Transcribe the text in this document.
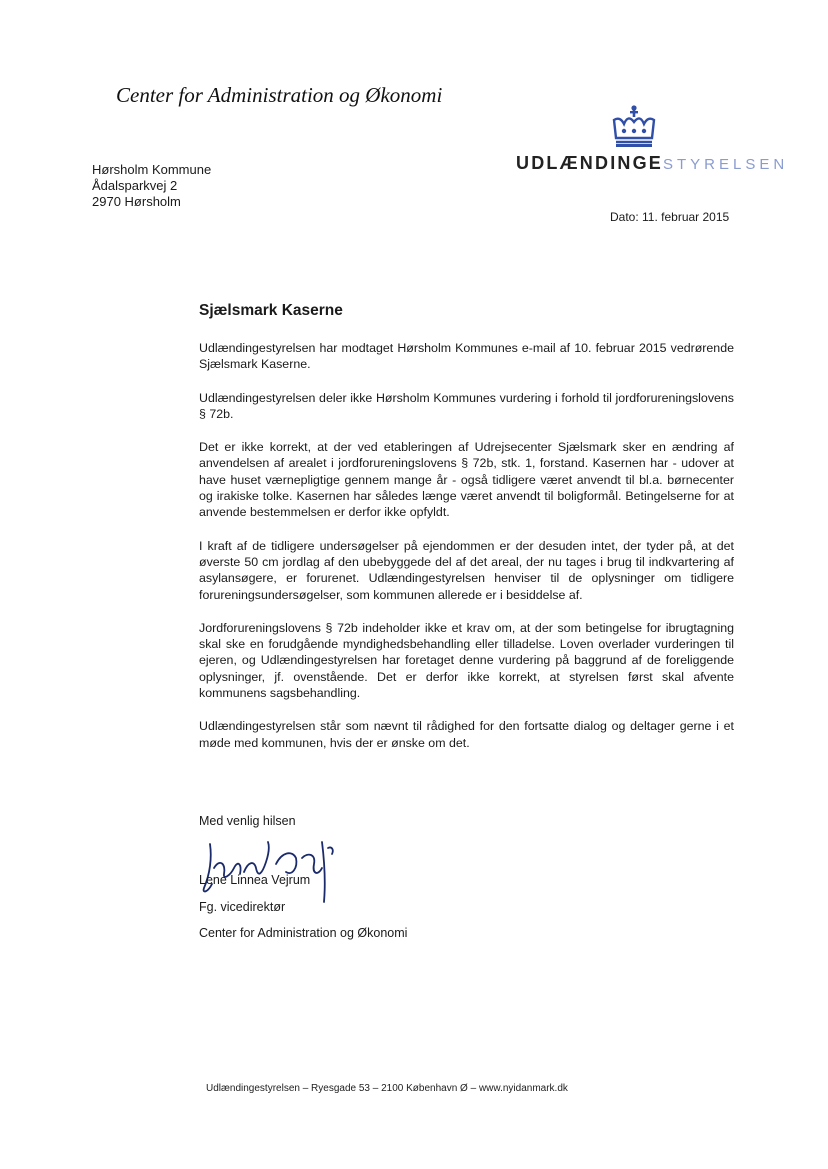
Center for Administration og Økonomi
UDLÆNDINGESTYRELSEN
Hørsholm Kommune
Ådalsparkvej 2
2970 Hørsholm
Dato: 11. februar 2015
Sjælsmark Kaserne

Udlændingestyrelsen har modtaget Hørsholm Kommunes e-mail af 10. februar 2015 vedrørende Sjælsmark Kaserne.

Udlændingestyrelsen deler ikke Hørsholm Kommunes vurdering i forhold til jordforureningslovens § 72b.

Det er ikke korrekt, at der ved etableringen af Udrejsecenter Sjælsmark sker en ændring af anvendelsen af arealet i jordforureningslovens § 72b, stk. 1, forstand. Kasernen har - udover at have huset værnepligtige gennem mange år - også tidligere været anvendt til bl.a. børnecenter og irakiske tolke. Kasernen har således længe været anvendt til boligformål. Betingelserne for at anvende bestemmelsen er derfor ikke opfyldt.

I kraft af de tidligere undersøgelser på ejendommen er der desuden intet, der tyder på, at det øverste 50 cm jordlag af den ubebyggede del af det areal, der nu tages i brug til indkvartering af asylansøgere, er forurenet. Udlændingestyrelsen henviser til de oplysninger om tidligere forureningsundersøgelser, som kommunen allerede er i besiddelse af.

Jordforureningslovens § 72b indeholder ikke et krav om, at der som betingelse for ibrugtagning skal ske en forudgående myndighedsbehandling eller tilladelse. Loven overlader vurderingen til ejeren, og Udlændingestyrelsen har foretaget denne vurdering på baggrund af de foreliggende oplysninger, jf. ovenstående. Det er derfor ikke korrekt, at styrelsen først skal afvente kommunens sagsbehandling.

Udlændingestyrelsen står som nævnt til rådighed for den fortsatte dialog og deltager gerne i et møde med kommunen, hvis der er ønske om det.

Med venlig hilsen
Lene Linnea Vejrum
Fg. vicedirektør
Center for Administration og Økonomi
Udlændingestyrelsen – Ryesgade 53 – 2100 København Ø – www.nyidanmark.dk
